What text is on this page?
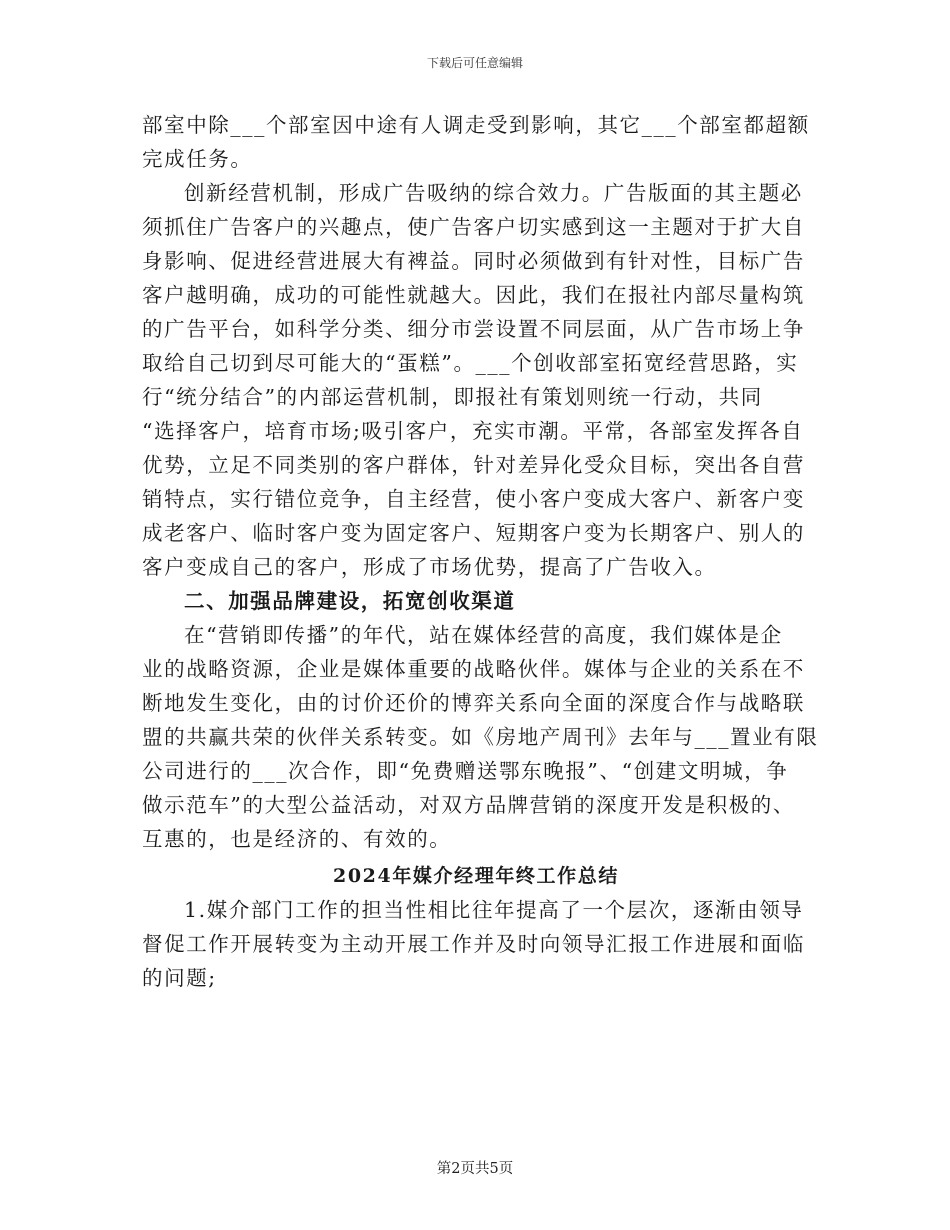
下载后可任意编辑
部室中除___个部室因中途有人调走受到影响，其它___个部室都超额
完成任务。
创新经营机制，形成广告吸纳的综合效力。广告版面的其主题必
须抓住广告客户的兴趣点，使广告客户切实感到这一主题对于扩大自
身影响、促进经营进展大有裨益。同时必须做到有针对性，目标广告
客户越明确，成功的可能性就越大。因此，我们在报社内部尽量构筑
的广告平台，如科学分类、细分市尝设置不同层面，从广告市场上争
取给自己切到尽可能大的“蛋糕”。___个创收部室拓宽经营思路，实
行“统分结合”的内部运营机制，即报社有策划则统一行动，共同
“选择客户，培育市场;吸引客户，充实市潮。平常，各部室发挥各自
优势，立足不同类别的客户群体，针对差异化受众目标，突出各自营
销特点，实行错位竞争，自主经营，使小客户变成大客户、新客户变
成老客户、临时客户变为固定客户、短期客户变为长期客户、别人的
客户变成自己的客户，形成了市场优势，提高了广告收入。
二、加强品牌建设，拓宽创收渠道
在“营销即传播”的年代，站在媒体经营的高度，我们媒体是企
业的战略资源，企业是媒体重要的战略伙伴。媒体与企业的关系在不
断地发生变化，由的讨价还价的博弈关系向全面的深度合作与战略联
盟的共赢共荣的伙伴关系转变。如《房地产周刊》去年与___置业有限
公司进行的___次合作，即“免费赠送鄂东晚报”、“创建文明城，争
做示范车”的大型公益活动，对双方品牌营销的深度开发是积极的、
互惠的，也是经济的、有效的。
2024年媒介经理年终工作总结
1.媒介部门工作的担当性相比往年提高了一个层次，逐渐由领导
督促工作开展转变为主动开展工作并及时向领导汇报工作进展和面临
的问题;
第2页共5页
